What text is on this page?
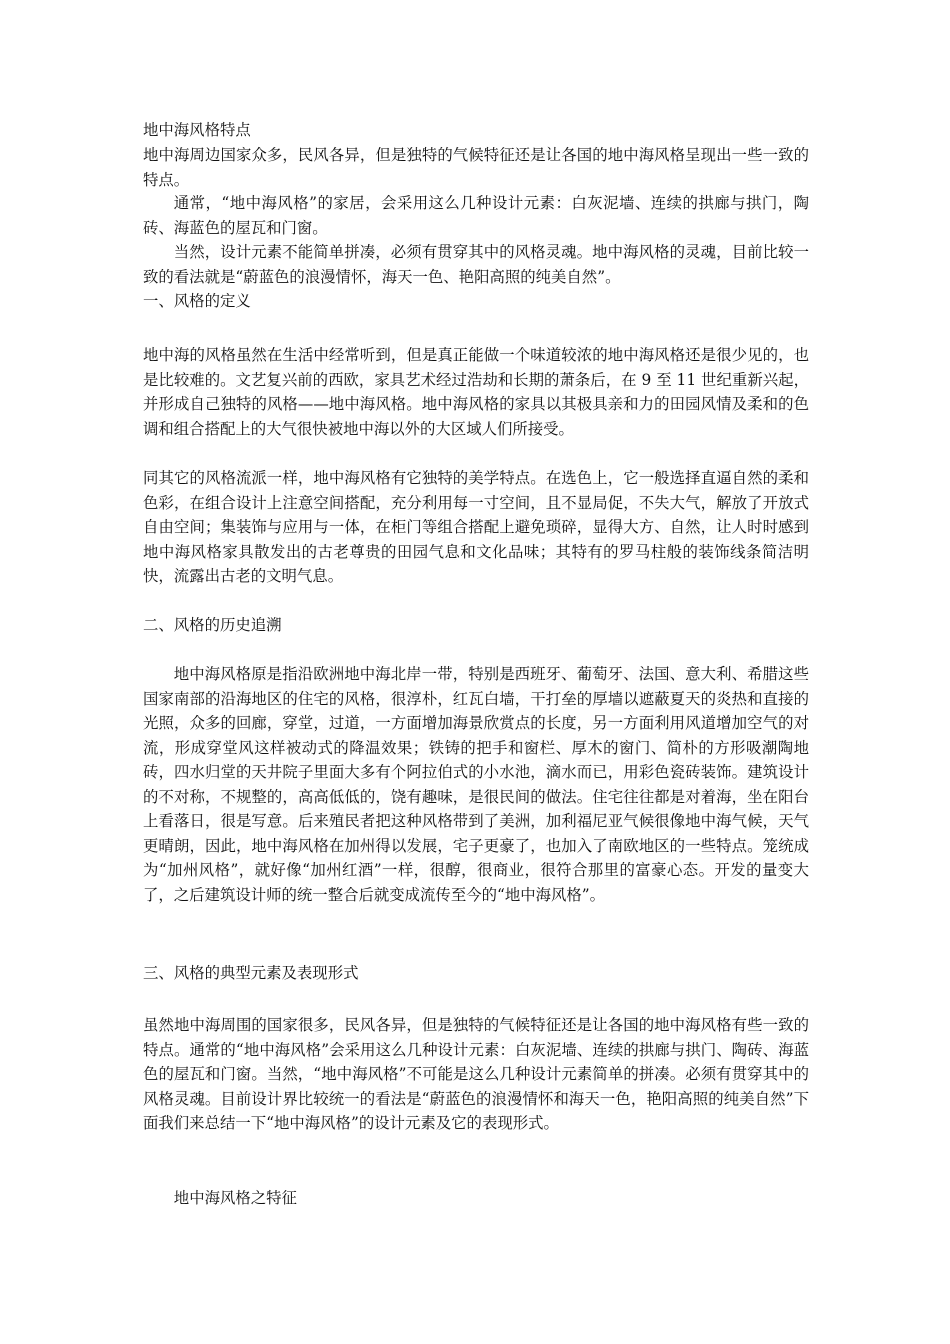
地中海风格特点

地中海周边国家众多，民风各异，但是独特的气候特征还是让各国的地中海风格呈现出一些一致的特点。

通常，“地中海风格”的家居，会采用这么几种设计元素：白灰泥墙、连续的拱廊与拱门，陶砖、海蓝色的屋瓦和门窗。

当然，设计元素不能简单拼凑，必须有贯穿其中的风格灵魂。地中海风格的灵魂，目前比较一致的看法就是“蔚蓝色的浪漫情怀，海天一色、艳阳高照的纯美自然”。

一、风格的定义

地中海的风格虽然在生活中经常听到，但是真正能做一个味道较浓的地中海风格还是很少见的，也是比较难的。文艺复兴前的西欧，家具艺术经过浩劫和长期的萧条后，在 9 至 11 世纪重新兴起，并形成自己独特的风格——地中海风格。地中海风格的家具以其极具亲和力的田园风情及柔和的色调和组合搭配上的大气很快被地中海以外的大区域人们所接受。

同其它的风格流派一样，地中海风格有它独特的美学特点。在选色上，它一般选择直逼自然的柔和色彩，在组合设计上注意空间搭配，充分利用每一寸空间，且不显局促，不失大气，解放了开放式自由空间；集装饰与应用与一体，在柜门等组合搭配上避免琐碎，显得大方、自然，让人时时感到地中海风格家具散发出的古老尊贵的田园气息和文化品味；其特有的罗马柱般的装饰线条简洁明快，流露出古老的文明气息。

二、风格的历史追溯

地中海风格原是指沿欧洲地中海北岸一带，特别是西班牙、葡萄牙、法国、意大利、希腊这些国家南部的沿海地区的住宅的风格，很淳朴，红瓦白墙，干打垒的厚墙以遮蔽夏天的炎热和直接的光照，众多的回廊，穿堂，过道，一方面增加海景欣赏点的长度，另一方面利用风道增加空气的对流，形成穿堂风这样被动式的降温效果；铁铸的把手和窗栏、厚木的窗门、简朴的方形吸潮陶地砖，四水归堂的天井院子里面大多有个阿拉伯式的小水池，滴水而已，用彩色瓷砖装饰。建筑设计的不对称，不规整的，高高低低的，饶有趣味，是很民间的做法。住宅往往都是对着海，坐在阳台上看落日，很是写意。后来殖民者把这种风格带到了美洲，加利福尼亚气候很像地中海气候，天气更晴朗，因此，地中海风格在加州得以发展，宅子更豪了，也加入了南欧地区的一些特点。笼统成为“加州风格”，就好像“加州红酒”一样，很醇，很商业，很符合那里的富豪心态。开发的量变大了，之后建筑设计师的统一整合后就变成流传至今的“地中海风格”。

三、风格的典型元素及表现形式

虽然地中海周围的国家很多，民风各异，但是独特的气候特征还是让各国的地中海风格有些一致的特点。通常的“地中海风格”会采用这么几种设计元素：白灰泥墙、连续的拱廊与拱门、陶砖、海蓝色的屋瓦和门窗。当然，“地中海风格”不可能是这么几种设计元素简单的拼凑。必须有贯穿其中的风格灵魂。目前设计界比较统一的看法是“蔚蓝色的浪漫情怀和海天一色，艳阳高照的纯美自然”下面我们来总结一下“地中海风格”的设计元素及它的表现形式。

地中海风格之特征
